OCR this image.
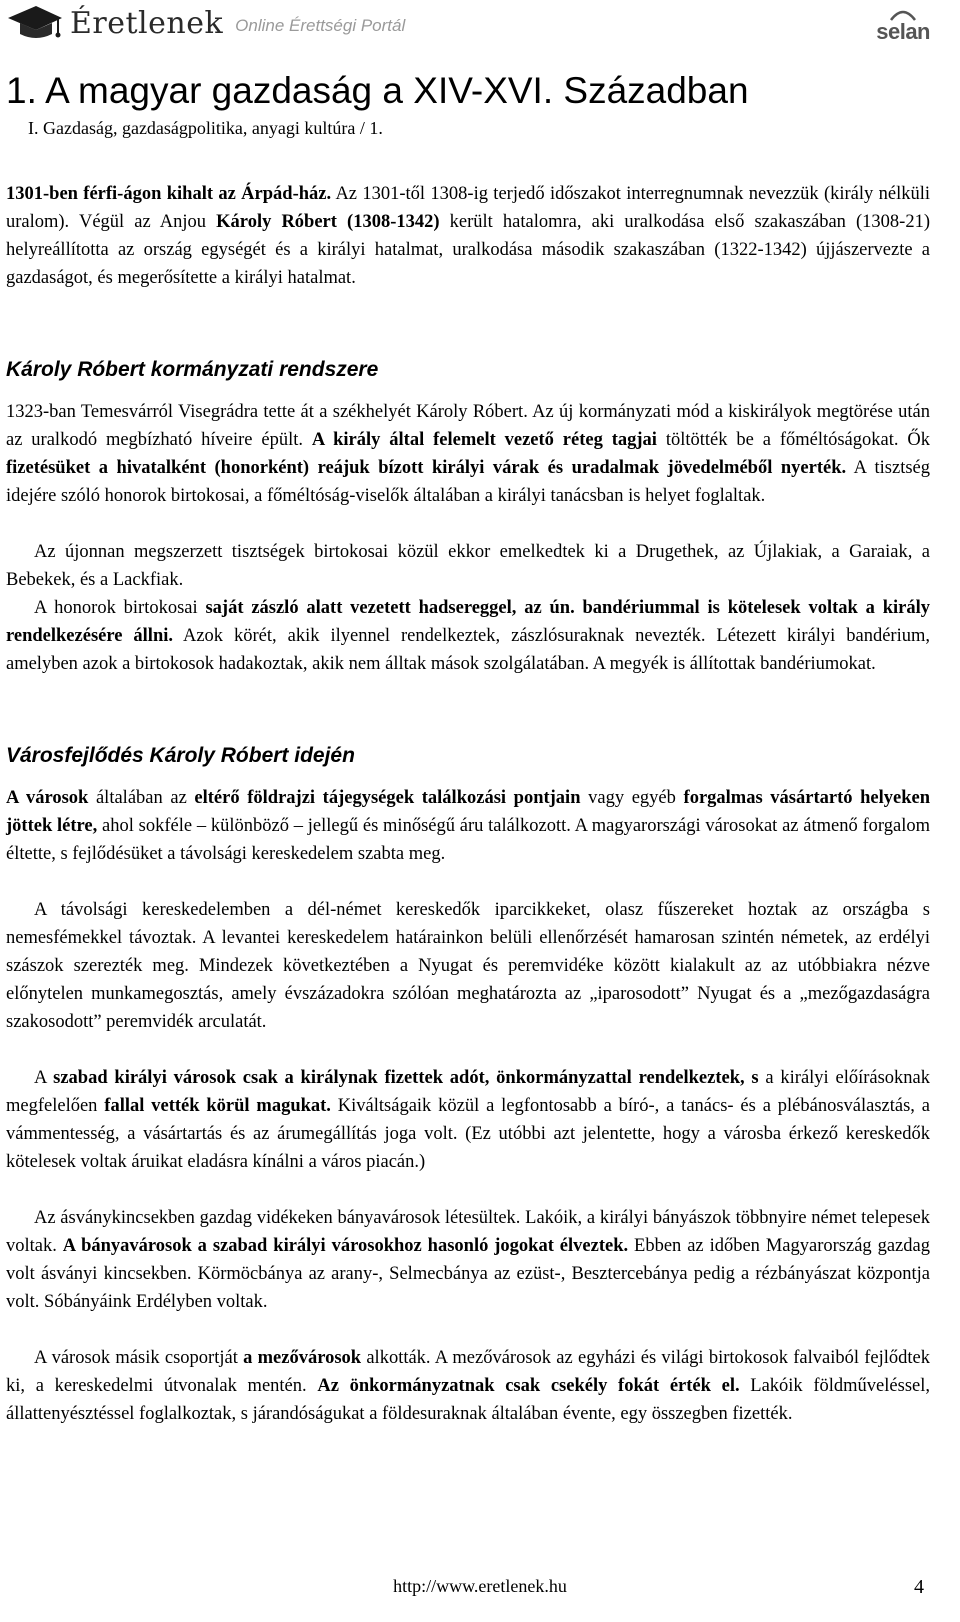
Éretlenek Online Érettségi Portál	selan
1. A magyar gazdaság a XIV-XVI. Században

I. Gazdaság, gazdaságpolitika, anyagi kultúra / 1.

1301-ben férfi-ágon kihalt az Árpád-ház. Az 1301-től 1308-ig terjedő időszakot interregnumnak nevezzük (király nélküli uralom). Végül az Anjou Károly Róbert (1308-1342) került hatalomra, aki uralkodása első szakaszában (1308-21) helyreállította az ország egységét és a királyi hatalmat, uralkodása második szakaszában (1322-1342) újjászervezte a gazdaságot, és megerősítette a királyi hatalmat.

Károly Róbert kormányzati rendszere

1323-ban Temesvárról Visegrádra tette át a székhelyét Károly Róbert. Az új kormányzati mód a kiskirályok megtörése után az uralkodó megbízható híveire épült. A király által felemelt vezető réteg tagjai töltötték be a főméltóságokat. Ők fizetésüket a hivatalként (honorként) reájuk bízott királyi várak és uradalmak jövedelméből nyerték. A tisztség idejére szóló honorok birtokosai, a főméltóság-viselők általában a királyi tanácsban is helyet foglaltak.

Az újonnan megszerzett tisztségek birtokosai közül ekkor emelkedtek ki a Drugethek, az Újlakiak, a Garaiak, a Bebekek, és a Lackfiak.

A honorok birtokosai saját zászló alatt vezetett hadsereggel, az ún. bandériummal is kötelesek voltak a király rendelkezésére állni. Azok körét, akik ilyennel rendelkeztek, zászlósuraknak nevezték. Létezett királyi bandérium, amelyben azok a birtokosok hadakoztak, akik nem álltak mások szolgálatában. A megyék is állítottak bandériumokat.

Városfejlődés Károly Róbert idején

A városok általában az eltérő földrajzi tájegységek találkozási pontjain vagy egyéb forgalmas vásártartó helyeken jöttek létre, ahol sokféle – különböző – jellegű és minőségű áru találkozott. A magyarországi városokat az átmenő forgalom éltette, s fejlődésüket a távolsági kereskedelem szabta meg.

A távolsági kereskedelemben a dél-német kereskedők iparcikkeket, olasz fűszereket hoztak az országba s nemesfémekkel távoztak. A levantei kereskedelem határainkon belüli ellenőrzését hamarosan szintén németek, az erdélyi szászok szerezték meg. Mindezek következtében a Nyugat és peremvidéke között kialakult az az utóbbiakra nézve előnytelen munkamegosztás, amely évszázadokra szólóan meghatározta az „iparosodott” Nyugat és a „mezőgazdaságra szakosodott” peremvidék arculatát.

A szabad királyi városok csak a királynak fizettek adót, önkormányzattal rendelkeztek, s a királyi előírásoknak megfelelően fallal vették körül magukat. Kiváltságaik közül a legfontosabb a bíró-, a tanács- és a plébánosválasztás, a vámmentesség, a vásártartás és az árumegállítás joga volt. (Ez utóbbi azt jelentette, hogy a városba érkező kereskedők kötelesek voltak áruikat eladásra kínálni a város piacán.)

Az ásványkincsekben gazdag vidékeken bányavárosok létesültek. Lakóik, a királyi bányászok többnyire német telepesek voltak. A bányavárosok a szabad királyi városokhoz hasonló jogokat élveztek. Ebben az időben Magyarország gazdag volt ásványi kincsekben. Körmöcbánya az arany-, Selmecbánya az ezüst-, Besztercebánya pedig a rézbányászat központja volt. Sóbányáink Erdélyben voltak.

A városok másik csoportját a mezővárosok alkották. A mezővárosok az egyházi és világi birtokosok falvaiból fejlődtek ki, a kereskedelmi útvonalak mentén. Az önkormányzatnak csak csekély fokát érték el. Lakóik földműveléssel, állattenyésztéssel foglalkoztak, s járandóságukat a földesuraknak általában évente, egy összegben fizették.

http://www.eretlenek.hu	4
